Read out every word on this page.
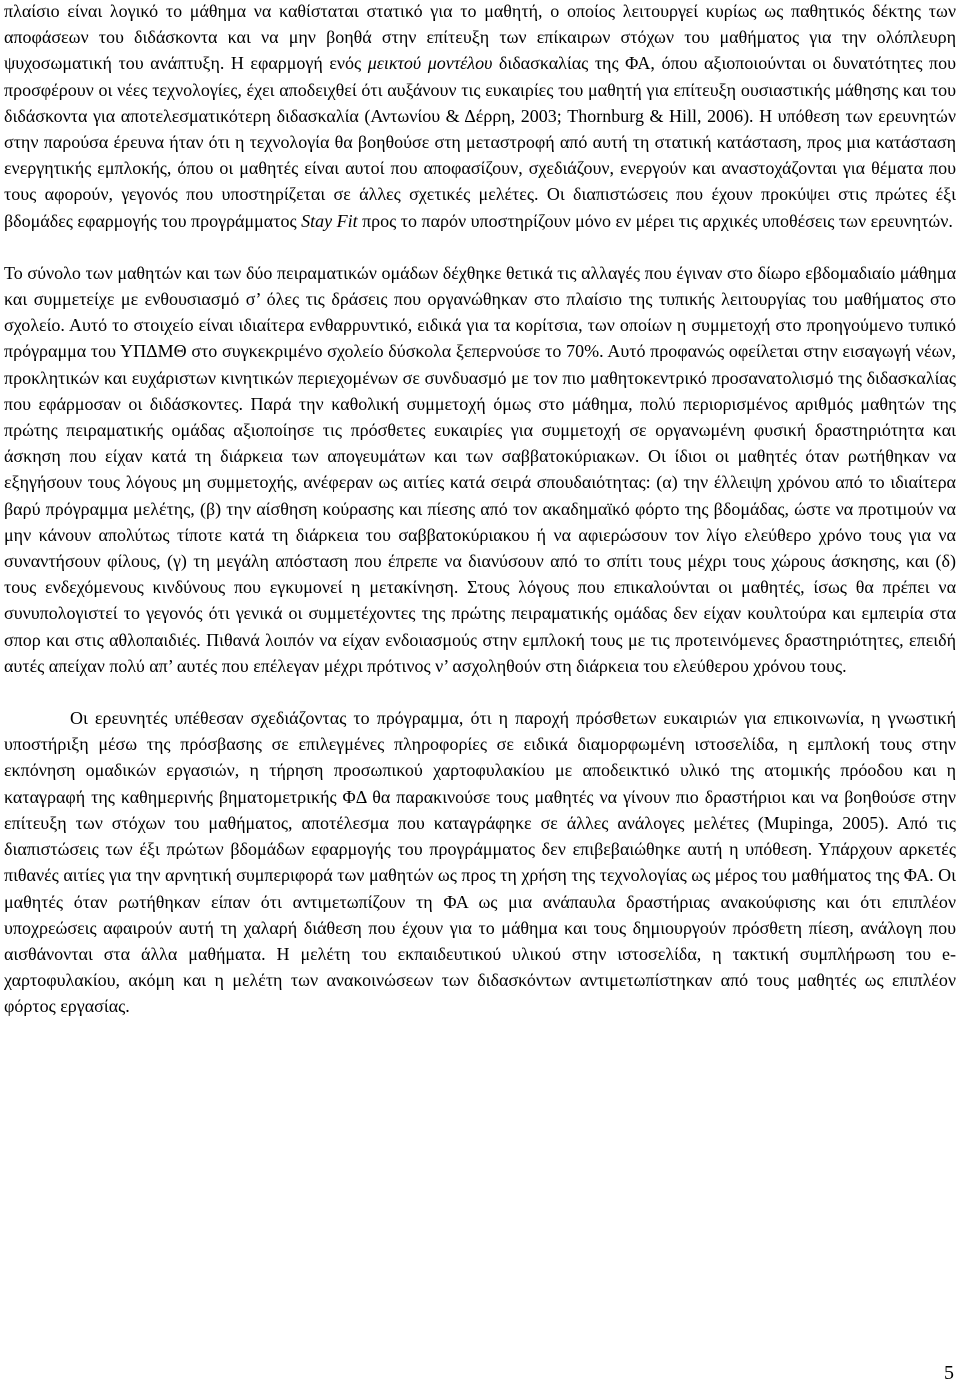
πλαίσιο είναι λογικό το μάθημα να καθίσταται στατικό για το μαθητή, ο οποίος λειτουργεί κυρίως ως παθητικός δέκτης των αποφάσεων του διδάσκοντα και να μην βοηθά στην επίτευξη των επίκαιρων στόχων του μαθήματος για την ολόπλευρη ψυχοσωματική του ανάπτυξη. Η εφαρμογή ενός μεικτού μοντέλου διδασκαλίας της ΦΑ, όπου αξιοποιούνται οι δυνατότητες που προσφέρουν οι νέες τεχνολογίες, έχει αποδειχθεί ότι αυξάνουν τις ευκαιρίες του μαθητή για επίτευξη ουσιαστικής μάθησης και του διδάσκοντα για αποτελεσματικότερη διδασκαλία (Αντωνίου & Δέρρη, 2003; Thornburg & Hill, 2006). Η υπόθεση των ερευνητών στην παρούσα έρευνα ήταν ότι η τεχνολογία θα βοηθούσε στη μεταστροφή από αυτή τη στατική κατάσταση, προς μια κατάσταση ενεργητικής εμπλοκής, όπου οι μαθητές είναι αυτοί που αποφασίζουν, σχεδιάζουν, ενεργούν και αναστοχάζονται για θέματα που τους αφορούν, γεγονός που υποστηρίζεται σε άλλες σχετικές μελέτες. Οι διαπιστώσεις που έχουν προκύψει στις πρώτες έξι βδομάδες εφαρμογής του προγράμματος Stay Fit προς το παρόν υποστηρίζουν μόνο εν μέρει τις αρχικές υποθέσεις των ερευνητών.

Το σύνολο των μαθητών και των δύο πειραματικών ομάδων δέχθηκε θετικά τις αλλαγές που έγιναν στο δίωρο εβδομαδιαίο μάθημα και συμμετείχε με ενθουσιασμό σ’ όλες τις δράσεις που οργανώθηκαν στο πλαίσιο της τυπικής λειτουργίας του μαθήματος στο σχολείο. Αυτό το στοιχείο είναι ιδιαίτερα ενθαρρυντικό, ειδικά για τα κορίτσια, των οποίων η συμμετοχή στο προηγούμενο τυπικό πρόγραμμα του ΥΠΔΜΘ στο συγκεκριμένο σχολείο δύσκολα ξεπερνούσε το 70%. Αυτό προφανώς οφείλεται στην εισαγωγή νέων, προκλητικών και ευχάριστων κινητικών περιεχομένων σε συνδυασμό με τον πιο μαθητοκεντρικό προσανατολισμό της διδασκαλίας που εφάρμοσαν οι διδάσκοντες. Παρά την καθολική συμμετοχή όμως στο μάθημα, πολύ περιορισμένος αριθμός μαθητών της πρώτης πειραματικής ομάδας αξιοποίησε τις πρόσθετες ευκαιρίες για συμμετοχή σε οργανωμένη φυσική δραστηριότητα και άσκηση που είχαν κατά τη διάρκεια των απογευμάτων και των σαββατοκύριακων. Οι ίδιοι οι μαθητές όταν ρωτήθηκαν να εξηγήσουν τους λόγους μη συμμετοχής, ανέφεραν ως αιτίες κατά σειρά σπουδαιότητας: (α) την έλλειψη χρόνου από το ιδιαίτερα βαρύ πρόγραμμα μελέτης, (β) την αίσθηση κούρασης και πίεσης από τον ακαδημαϊκό φόρτο της βδομάδας, ώστε να προτιμούν να μην κάνουν απολύτως τίποτε κατά τη διάρκεια του σαββατοκύριακου ή να αφιερώσουν τον λίγο ελεύθερο χρόνο τους για να συναντήσουν φίλους, (γ) τη μεγάλη απόσταση που έπρεπε να διανύσουν από το σπίτι τους μέχρι τους χώρους άσκησης, και (δ) τους ενδεχόμενους κινδύνους που εγκυμονεί η μετακίνηση. Στους λόγους που επικαλούνται οι μαθητές, ίσως θα πρέπει να συνυπολογιστεί το γεγονός ότι γενικά οι συμμετέχοντες της πρώτης πειραματικής ομάδας δεν είχαν κουλτούρα και εμπειρία στα σπορ και στις αθλοπαιδιές. Πιθανά λοιπόν να είχαν ενδοιασμούς στην εμπλοκή τους με τις προτεινόμενες δραστηριότητες, επειδή αυτές απείχαν πολύ απ’ αυτές που επέλεγαν μέχρι πρότινος ν’ ασχοληθούν στη διάρκεια του ελεύθερου χρόνου τους.

Οι ερευνητές υπέθεσαν σχεδιάζοντας το πρόγραμμα, ότι η παροχή πρόσθετων ευκαιριών για επικοινωνία, η γνωστική υποστήριξη μέσω της πρόσβασης σε επιλεγμένες πληροφορίες σε ειδικά διαμορφωμένη ιστοσελίδα, η εμπλοκή τους στην εκπόνηση ομαδικών εργασιών, η τήρηση προσωπικού χαρτοφυλακίου με αποδεικτικό υλικό της ατομικής πρόοδου και η καταγραφή της καθημερινής βηματομετρικής ΦΔ θα παρακινούσε τους μαθητές να γίνουν πιο δραστήριοι και να βοηθούσε στην επίτευξη των στόχων του μαθήματος, αποτέλεσμα που καταγράφηκε σε άλλες ανάλογες μελέτες (Mupinga, 2005). Από τις διαπιστώσεις των έξι πρώτων βδομάδων εφαρμογής του προγράμματος δεν επιβεβαιώθηκε αυτή η υπόθεση. Υπάρχουν αρκετές πιθανές αιτίες για την αρνητική συμπεριφορά των μαθητών ως προς τη χρήση της τεχνολογίας ως μέρος του μαθήματος της ΦΑ. Οι μαθητές όταν ρωτήθηκαν είπαν ότι αντιμετωπίζουν τη ΦΑ ως μια ανάπαυλα δραστήριας ανακούφισης και ότι επιπλέον υποχρεώσεις αφαιρούν αυτή τη χαλαρή διάθεση που έχουν για το μάθημα και τους δημιουργούν πρόσθετη πίεση, ανάλογη που αισθάνονται στα άλλα μαθήματα. Η μελέτη του εκπαιδευτικού υλικού στην ιστοσελίδα, η τακτική συμπλήρωση του e-χαρτοφυλακίου, ακόμη και η μελέτη των ανακοινώσεων των διδασκόντων αντιμετωπίστηκαν από τους μαθητές ως επιπλέον φόρτος εργασίας.

5
